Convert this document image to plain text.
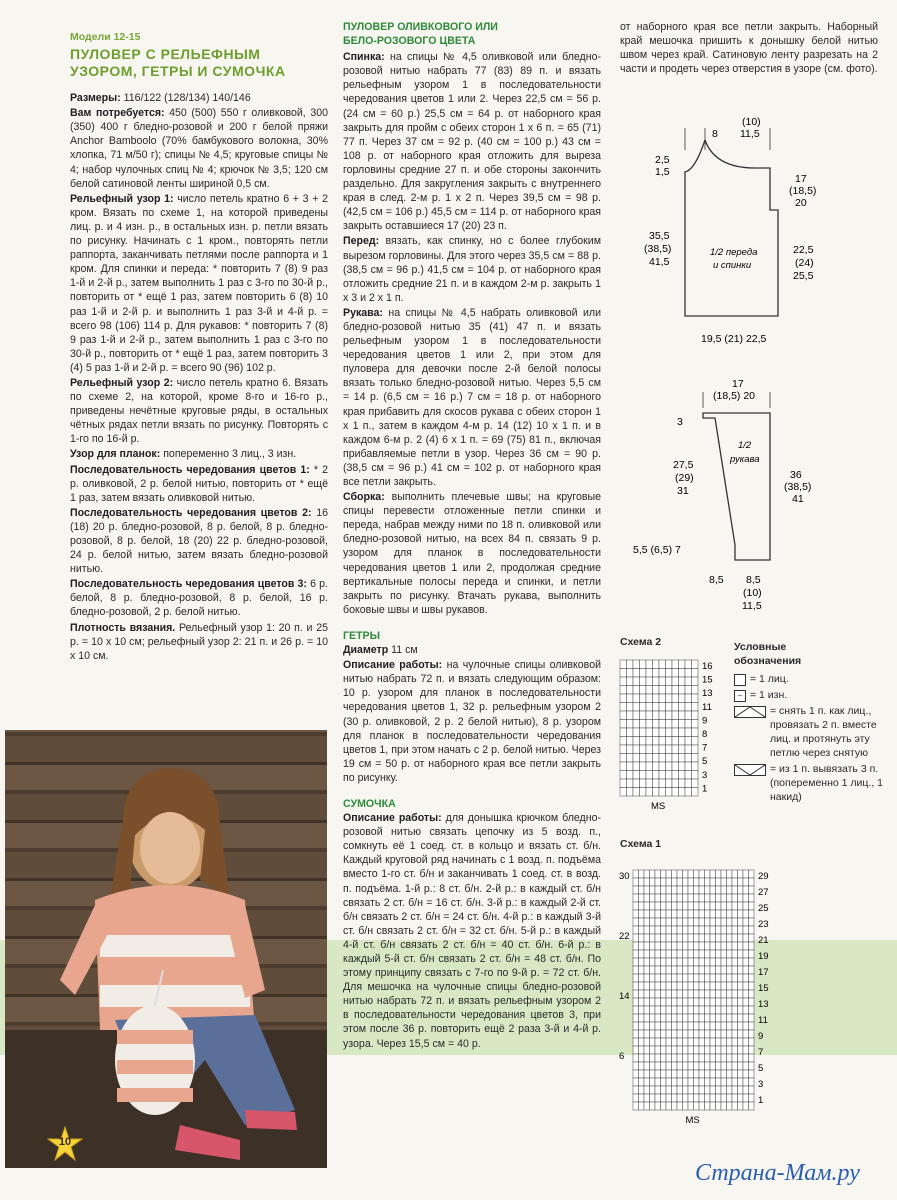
Модели 12-15
ПУЛОВЕР С РЕЛЬЕФНЫМ УЗОРОМ, ГЕТРЫ И СУМОЧКА

Размеры: 116/122 (128/134) 140/146

Вам потребуется: 450 (500) 550 г оливковой, 300 (350) 400 г бледно-розовой и 200 г белой пряжи Anchor Bamboolo (70% бамбукового волокна, 30% хлопка, 71 м/50 г); спицы № 4,5; круговые спицы № 4; набор чулочных спиц № 4; крючок № 3,5; 120 см белой сатиновой ленты шириной 0,5 см.

Рельефный узор 1: число петель кратно 6 + 3 + 2 кром. Вязать по схеме 1, на которой приведены лиц. р. и 4 изн. р., в остальных изн. р. петли вязать по рисунку. Начинать с 1 кром., повторять петли раппорта, заканчивать петлями после раппорта и 1 кром. Для спинки и переда: * повторить 7 (8) 9 раз 1-й и 2-й р., затем выполнить 1 раз с 3-го по 30-й р., повторить от * ещё 1 раз, затем повторить 6 (8) 10 раз 1-й и 2-й р. и выполнить 1 раз 3-й и 4-й р. = всего 98 (106) 114 р. Для рукавов: * повторить 7 (8) 9 раз 1-й и 2-й р., затем выполнить 1 раз с 3-го по 30-й р., повторить от * ещё 1 раз, затем повторить 3 (4) 5 раз 1-й и 2-й р. = всего 90 (96) 102 р.

Рельефный узор 2: число петель кратно 6. Вязать по схеме 2, на которой, кроме 8-го и 16-го р., приведены нечётные круговые ряды, в остальных чётных рядах петли вязать по рисунку. Повторять с 1-го по 16-й р.

Узор для планок: попеременно 3 лиц., 3 изн.

Последовательность чередования цветов 1: * 2 р. оливковой, 2 р. белой нитью, повторить от * ещё 1 раз, затем вязать оливковой нитью.

Последовательность чередования цветов 2: 16 (18) 20 р. бледно-розовой, 8 р. белой, 8 р. бледно-розовой, 8 р. белой, 18 (20) 22 р. бледно-розовой, 24 р. белой нитью, затем вязать бледно-розовой нитью.

Последовательность чередования цветов 3: 6 р. белой, 8 р. бледно-розовой, 8 р. белой, 16 р. бледно-розовой, 2 р. белой нитью.

Плотность вязания. Рельефный узор 1: 20 п. и 25 р. = 10 х 10 см; рельефный узор 2: 21 п. и 26 р. = 10 х 10 см.

10
ПУЛОВЕР ОЛИВКОВОГО ИЛИ БЕЛО-РОЗОВОГО ЦВЕТА

Спинка: на спицы № 4,5 оливковой или бледно-розовой нитью набрать 77 (83) 89 п. и вязать рельефным узором 1 в последовательности чередования цветов 1 или 2. Через 22,5 см = 56 р. (24 см = 60 р.) 25,5 см = 64 р. от наборного края закрыть для пройм с обеих сторон 1 х 6 п. = 65 (71) 77 п. Через 37 см = 92 р. (40 см = 100 р.) 43 см = 108 р. от наборного края отложить для выреза горловины средние 27 п. и обе стороны закончить раздельно. Для закругления закрыть с внутреннего края в след. 2-м р. 1 х 2 п. Через 39,5 см = 98 р. (42,5 см = 106 р.) 45,5 см = 114 р. от наборного края закрыть оставшиеся 17 (20) 23 п.

Перед: вязать, как спинку, но с более глубоким вырезом горловины. Для этого через 35,5 см = 88 р. (38,5 см = 96 р.) 41,5 см = 104 р. от наборного края отложить средние 21 п. и в каждом 2-м р. закрыть 1 х 3 и 2 х 1 п.

Рукава: на спицы № 4,5 набрать оливковой или бледно-розовой нитью 35 (41) 47 п. и вязать рельефным узором 1 в последовательности чередования цветов 1 или 2, при этом для пуловера для девочки после 2-й белой полосы вязать только бледно-розовой нитью. Через 5,5 см = 14 р. (6,5 см = 16 р.) 7 см = 18 р. от наборного края прибавить для скосов рукава с обеих сторон 1 х 1 п., затем в каждом 4-м р. 14 (12) 10 х 1 п. и в каждом 6-м р. 2 (4) 6 х 1 п. = 69 (75) 81 п., включая прибавляемые петли в узор. Через 36 см = 90 р. (38,5 см = 96 р.) 41 см = 102 р. от наборного края все петли закрыть.

Сборка: выполнить плечевые швы; на круговые спицы перевести отложенные петли спинки и переда, набрав между ними по 18 п. оливковой или бледно-розовой нитью, на всех 84 п. связать 9 р. узором для планок в последовательности чередования цветов 1 или 2, продолжая средние вертикальные полосы переда и спинки, и петли закрыть по рисунку. Втачать рукава, выполнить боковые швы и швы рукавов.

ГЕТРЫ

Диаметр 11 см

Описание работы: на чулочные спицы оливковой нитью набрать 72 п. и вязать следующим образом: 10 р. узором для планок в последовательности чередования цветов 1, 32 р. рельефным узором 2 (30 р. оливковой, 2 р. 2 белой нитью), 8 р. узором для планок в последовательности чередования цветов 1, при этом начать с 2 р. белой нитью. Через 19 см = 50 р. от наборного края все петли закрыть по рисунку.

СУМОЧКА

Описание работы: для донышка крючком бледно-розовой нитью связать цепочку из 5 возд. п., сомкнуть её 1 соед. ст. в кольцо и вязать ст. б/н. Каждый круговой ряд начинать с 1 возд. п. подъёма вместо 1-го ст. б/н и заканчивать 1 соед. ст. в возд. п. подъёма. 1-й р.: 8 ст. б/н. 2-й р.: в каждый ст. б/н связать 2 ст. б/н = 16 ст. б/н. 3-й р.: в каждый 2-й ст. б/н связать 2 ст. б/н = 24 ст. б/н. 4-й р.: в каждый 3-й ст. б/н связать 2 ст. б/н = 32 ст. б/н. 5-й р.: в каждый 4-й ст. б/н связать 2 ст. б/н = 40 ст. б/н. 6-й р.: в каждый 5-й ст. б/н связать 2 ст. б/н = 48 ст. б/н. По этому принципу связать с 7-го по 9-й р. = 72 ст. б/н. Для мешочка на чулочные спицы бледно-розовой нитью набрать 72 п. и вязать рельефным узором 2 в последовательности чередования цветов 3, при этом после 36 р. повторить ещё 2 раза 3-й и 4-й р. узора. Через 15,5 см = 40 р.

от наборного края все петли закрыть. Наборный край мешочка пришить к донышку белой нитью швом через край. Сатиновую ленту разрезать на 2 части и продеть через отверстия в узоре (см. фото).

8
(10)
11,5
2,5
1,5
17
(18,5)
20
35,5
(38,5)
41,5
1/2 переда
и спинки
22,5
(24)
25,5
19,5 (21) 22,5
17
(18,5) 20
3
1/2
рукава
27,5
(29)
31
36
(38,5)
41
5,5 (6,5) 7
8,5 8,5
(10)
11,5
Схема 2
16
15
13
11
9
8
7
5
3
1
MS
Схема 1
29
27
25
23
21
19
17
15
13
11
9
7
5
3
1
30
22
14
6
MS
Условные обозначения
= 1 лиц.
– = 1 изн.
= снять 1 п. как лиц., провязать 2 п. вместе лиц. и протянуть эту петлю через снятую
= из 1 п. вывязать 3 п. (попеременно 1 лиц., 1 накид)
Страна-Мам.ру
